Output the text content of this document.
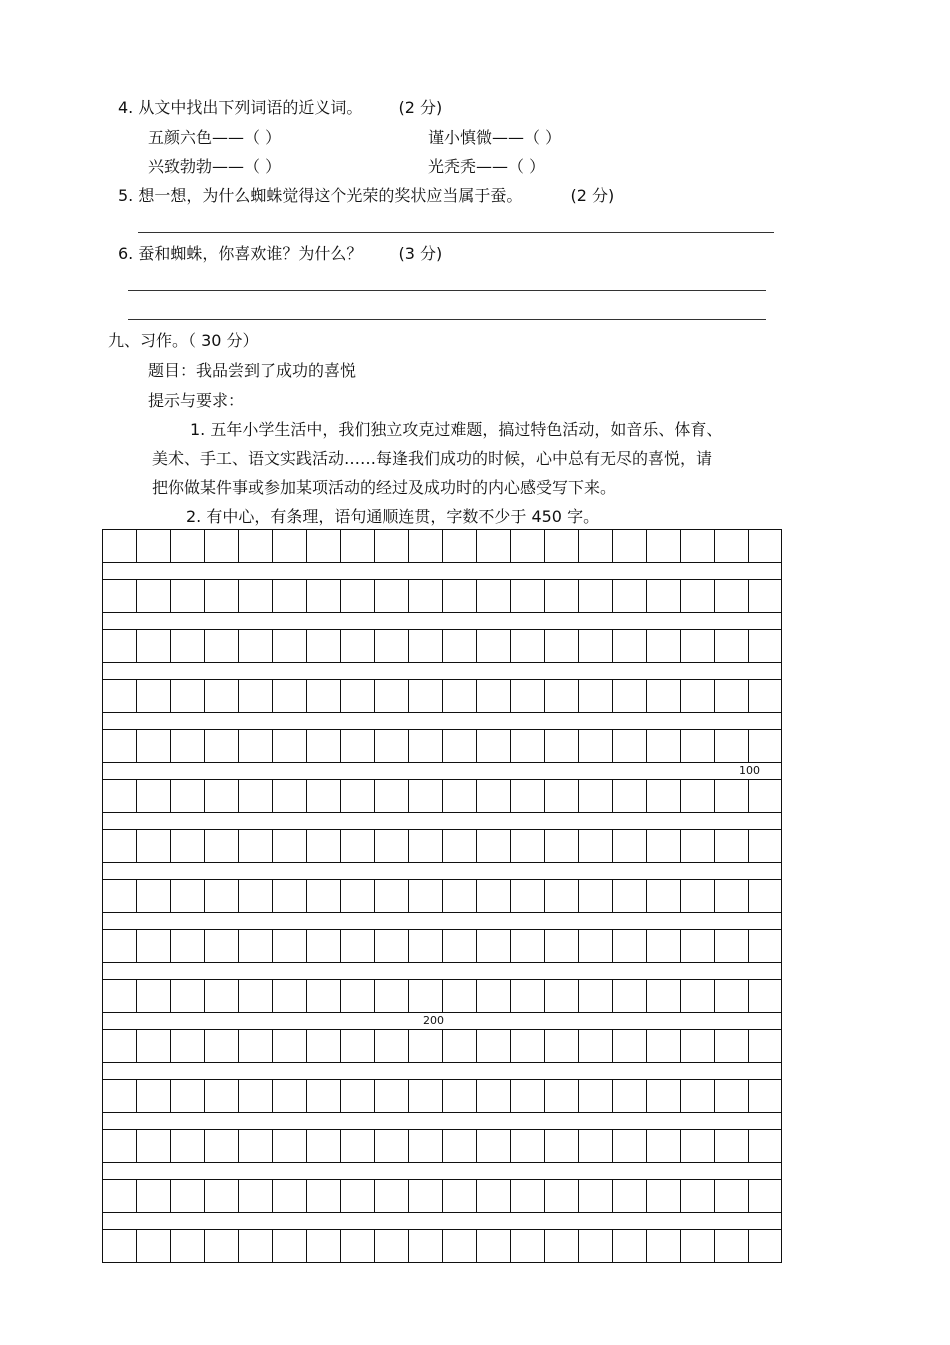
4. 从文中找出下列词语的近义词。 (2 分)
五颜六色——（ ）	谨小慎微——（ ）
兴致勃勃——（ ）	光秃秃——（ ）
5. 想一想，为什么蜘蛛觉得这个光荣的奖状应当属于蚕。	(2 分)
6. 蚕和蜘蛛，你喜欢谁？为什么？ (3 分)
九、习作。（ 30 分）
题目：我品尝到了成功的喜悦
提示与要求：
1. 五年小学生活中，我们独立攻克过难题，搞过特色活动，如音乐、体育、
美术、手工、语文实践活动……每逢我们成功的时候，心中总有无尽的喜悦，请
把你做某件事或参加某项活动的经过及成功时的内心感受写下来。
2. 有中心，有条理，语句通顺连贯，字数不少于 450 字。
100
200
